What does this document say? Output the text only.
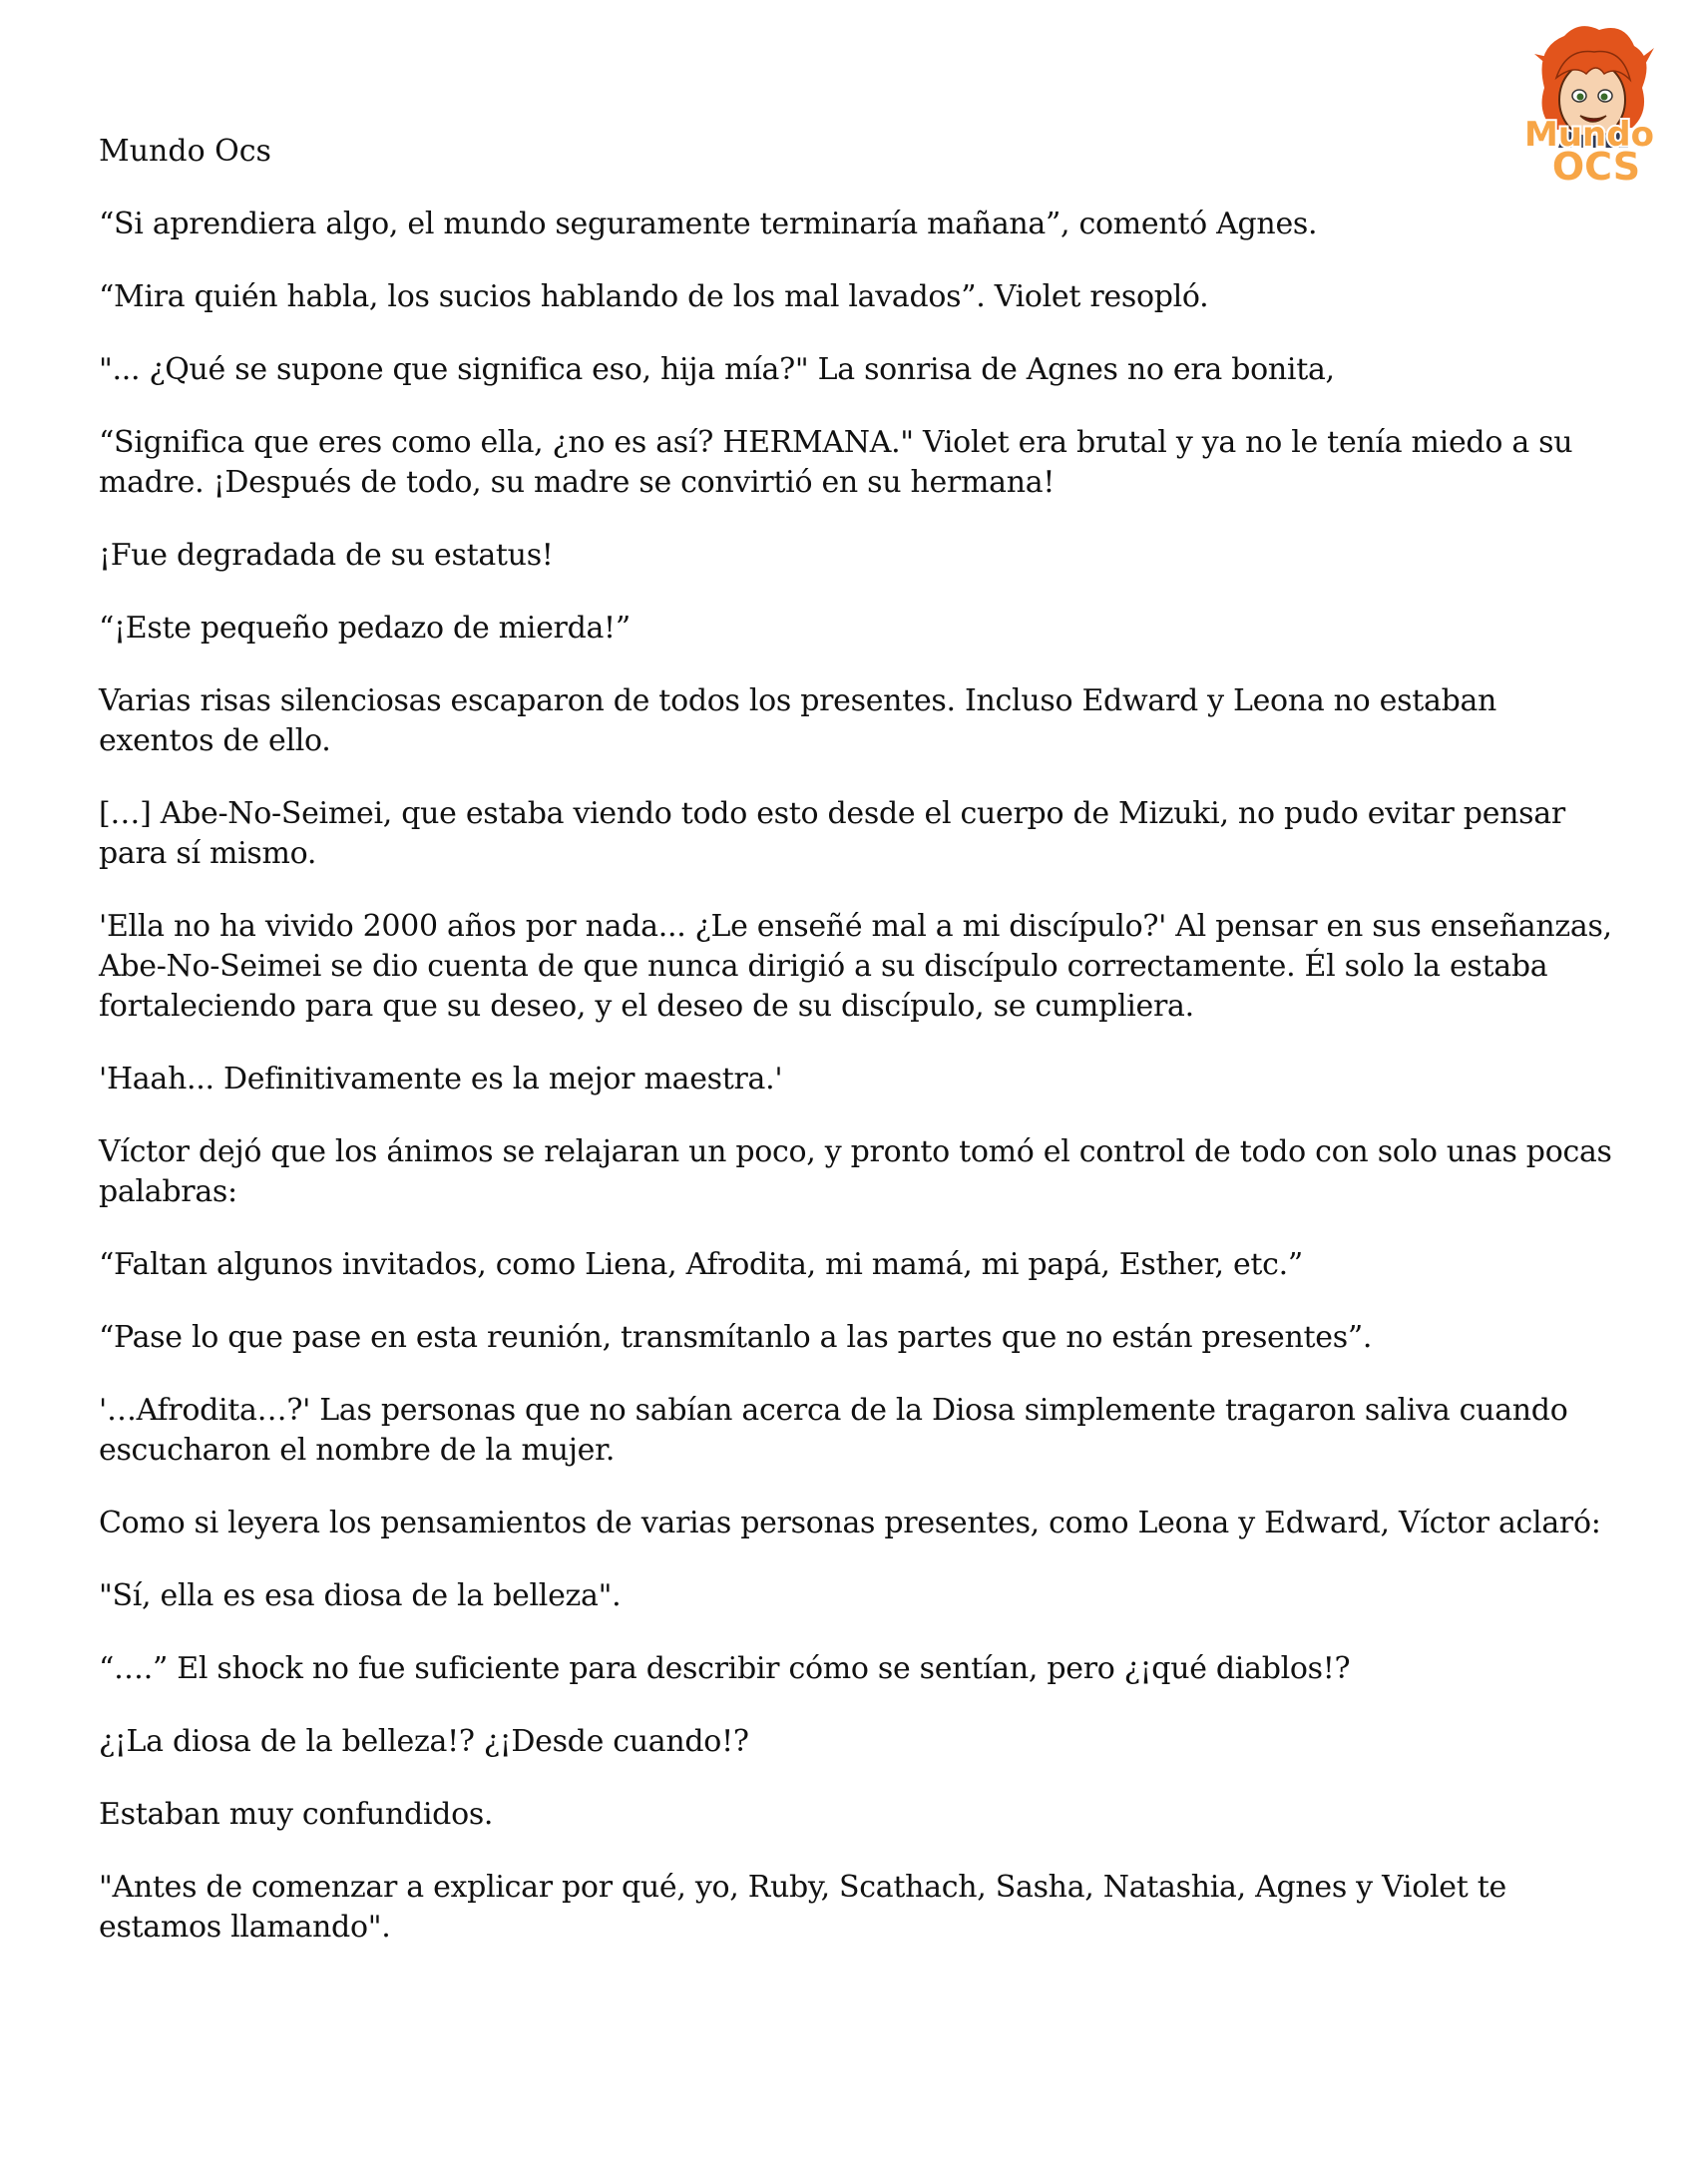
Mundo
OCS
Mundo Ocs

“Si aprendiera algo, el mundo seguramente terminaría mañana”, comentó Agnes.

“Mira quién habla, los sucios hablando de los mal lavados”. Violet resopló.

"... ¿Qué se supone que significa eso, hija mía?" La sonrisa de Agnes no era bonita,

“Significa que eres como ella, ¿no es así? HERMANA." Violet era brutal y ya no le tenía miedo a su madre. ¡Después de todo, su madre se convirtió en su hermana!

¡Fue degradada de su estatus!

“¡Este pequeño pedazo de mierda!”

Varias risas silenciosas escaparon de todos los presentes. Incluso Edward y Leona no estaban exentos de ello.

[…] Abe-No-Seimei, que estaba viendo todo esto desde el cuerpo de Mizuki, no pudo evitar pensar para sí mismo.

'Ella no ha vivido 2000 años por nada... ¿Le enseñé mal a mi discípulo?' Al pensar en sus enseñanzas, Abe-No-Seimei se dio cuenta de que nunca dirigió a su discípulo correctamente. Él solo la estaba fortaleciendo para que su deseo, y el deseo de su discípulo, se cumpliera.

'Haah... Definitivamente es la mejor maestra.'

Víctor dejó que los ánimos se relajaran un poco, y pronto tomó el control de todo con solo unas pocas palabras:

“Faltan algunos invitados, como Liena, Afrodita, mi mamá, mi papá, Esther, etc.”

“Pase lo que pase en esta reunión, transmítanlo a las partes que no están presentes”.

'…Afrodita…?' Las personas que no sabían acerca de la Diosa simplemente tragaron saliva cuando escucharon el nombre de la mujer.

Como si leyera los pensamientos de varias personas presentes, como Leona y Edward, Víctor aclaró:

"Sí, ella es esa diosa de la belleza".

“….” El shock no fue suficiente para describir cómo se sentían, pero ¿¡qué diablos!?

¿¡La diosa de la belleza!? ¿¡Desde cuando!?

Estaban muy confundidos.

"Antes de comenzar a explicar por qué, yo, Ruby, Scathach, Sasha, Natashia, Agnes y Violet te estamos llamando".
